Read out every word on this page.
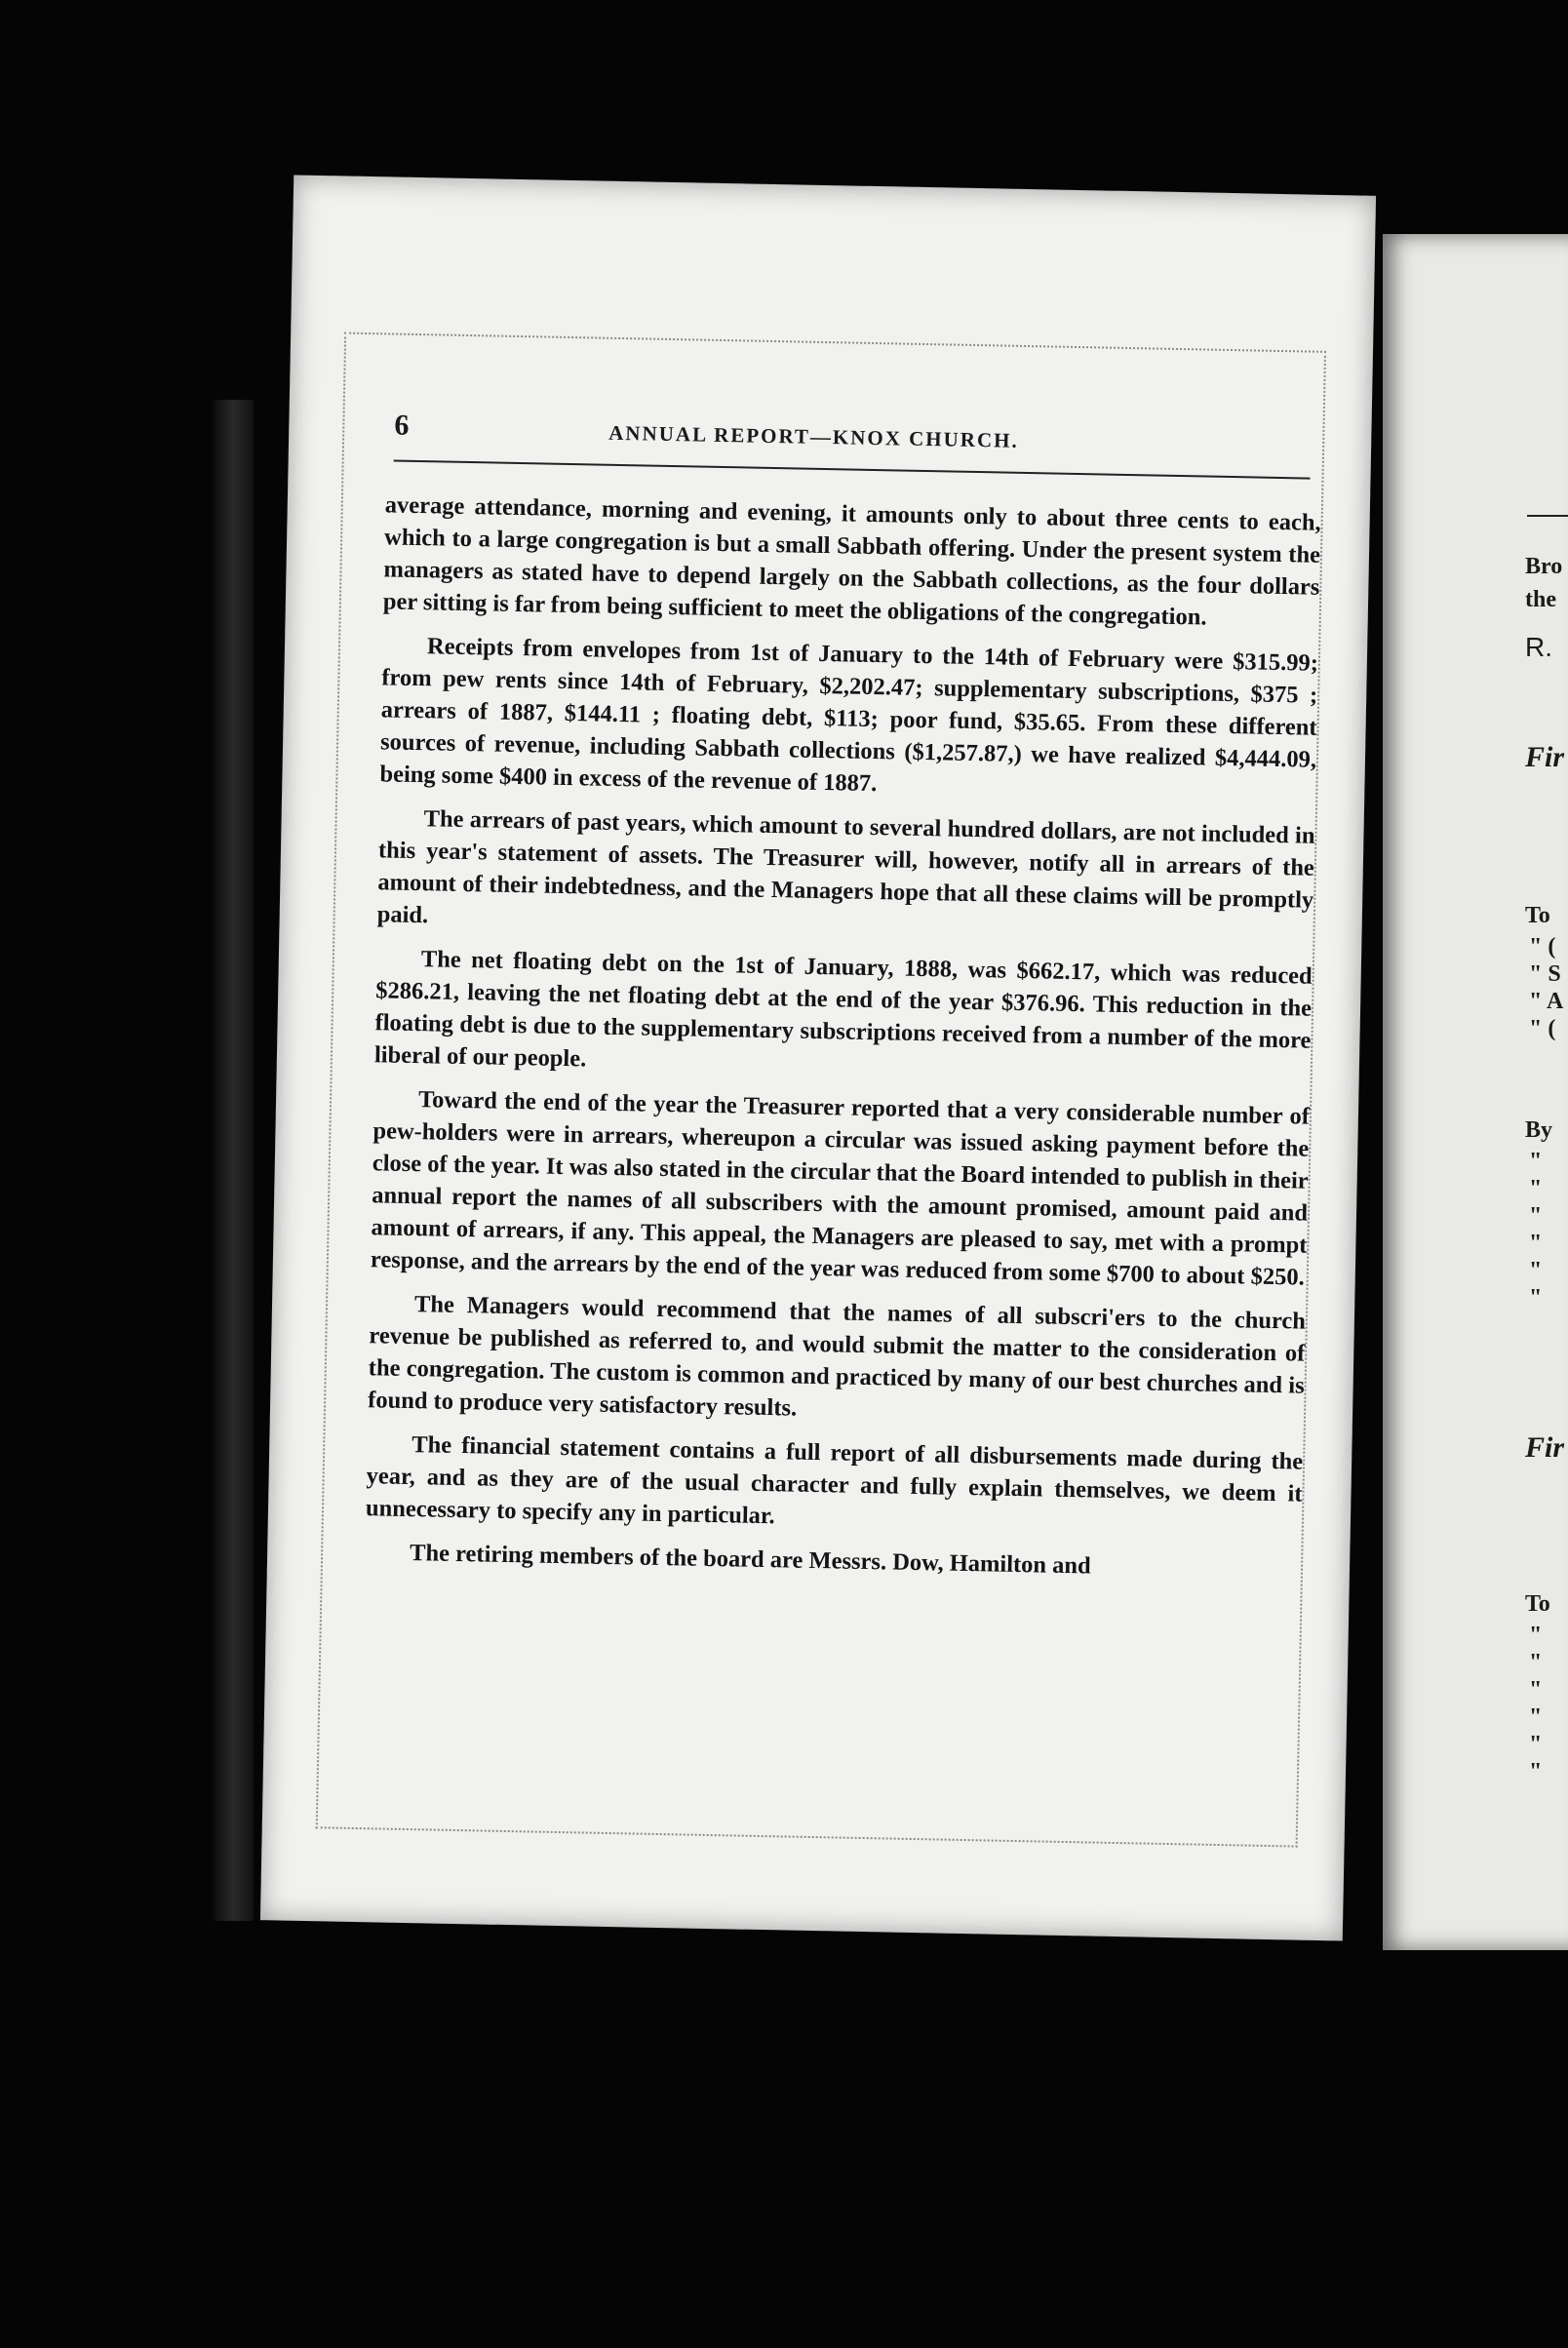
6	ANNUAL REPORT—KNOX CHURCH.

average attendance, morning and evening, it amounts only to about three cents to each, which to a large congregation is but a small Sabbath offering. Under the present system the managers as stated have to depend largely on the Sabbath collections, as the four dollars per sitting is far from being sufficient to meet the obligations of the congregation.

Receipts from envelopes from 1st of January to the 14th of February were $315.99; from pew rents since 14th of February, $2,202.47; supplementary subscriptions, $375 ; arrears of 1887, $144.11 ; floating debt, $113; poor fund, $35.65. From these different sources of revenue, including Sabbath collections ($1,257.87,) we have realized $4,444.09, being some $400 in excess of the revenue of 1887.

The arrears of past years, which amount to several hundred dollars, are not included in this year's statement of assets. The Treasurer will, however, notify all in arrears of the amount of their indebtedness, and the Managers hope that all these claims will be promptly paid.

The net floating debt on the 1st of January, 1888, was $662.17, which was reduced $286.21, leaving the net floating debt at the end of the year $376.96. This reduction in the floating debt is due to the supplementary subscriptions received from a number of the more liberal of our people.

Toward the end of the year the Treasurer reported that a very considerable number of pew-holders were in arrears, whereupon a circular was issued asking payment before the close of the year. It was also stated in the circular that the Board intended to publish in their annual report the names of all subscribers with the amount promised, amount paid and amount of arrears, if any. This appeal, the Managers are pleased to say, met with a prompt response, and the arrears by the end of the year was reduced from some $700 to about $250.

The Managers would recommend that the names of all subscri'ers to the church revenue be published as referred to, and would submit the matter to the consideration of the congregation. The custom is common and practiced by many of our best churches and is found to produce very satisfactory results.

The financial statement contains a full report of all disbursements made during the year, and as they are of the usual character and fully explain themselves, we deem it unnecessary to specify any in particular.

The retiring members of the board are Messrs. Dow, Hamilton and

Bro
the
R.
Fir
To
" (
" S
" A
" (
By
"
"
"
"
"
"
Fir
To
"
"
"
"
"
"
